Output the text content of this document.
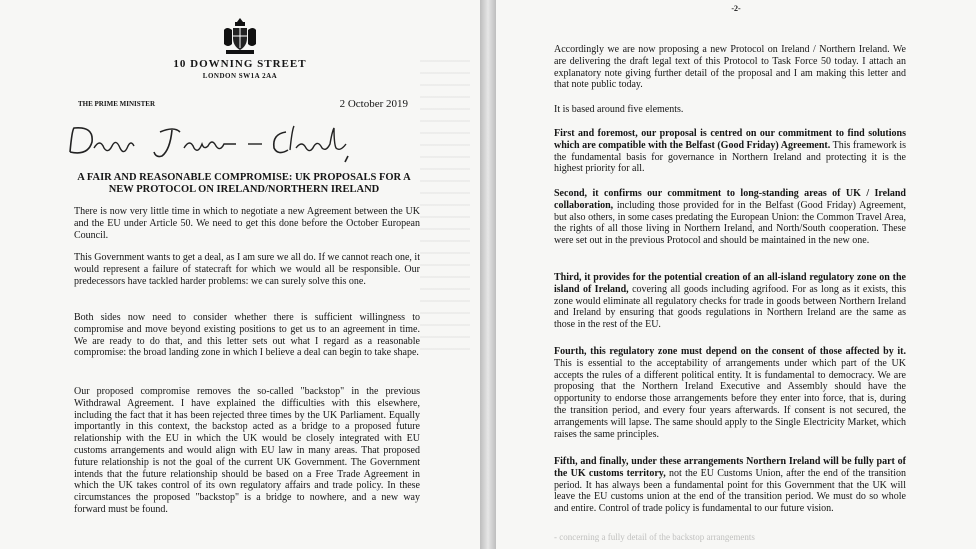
10 DOWNING STREET
LONDON SW1A 2AA
THE PRIME MINISTER	2 October 2019
A FAIR AND REASONABLE COMPROMISE: UK PROPOSALS FOR A NEW PROTOCOL ON IRELAND/NORTHERN IRELAND

There is now very little time in which to negotiate a new Agreement between the UK and the EU under Article 50. We need to get this done before the October European Council.

This Government wants to get a deal, as I am sure we all do. If we cannot reach one, it would represent a failure of statecraft for which we would all be responsible. Our predecessors have tackled harder problems: we can surely solve this one.

Both sides now need to consider whether there is sufficient willingness to compromise and move beyond existing positions to get us to an agreement in time. We are ready to do that, and this letter sets out what I regard as a reasonable compromise: the broad landing zone in which I believe a deal can begin to take shape.

Our proposed compromise removes the so-called "backstop" in the previous Withdrawal Agreement. I have explained the difficulties with this elsewhere, including the fact that it has been rejected three times by the UK Parliament. Equally importantly in this context, the backstop acted as a bridge to a proposed future relationship with the EU in which the UK would be closely integrated with EU customs arrangements and would align with EU law in many areas. That proposed future relationship is not the goal of the current UK Government. The Government intends that the future relationship should be based on a Free Trade Agreement in which the UK takes control of its own regulatory affairs and trade policy. In these circumstances the proposed "backstop" is a bridge to nowhere, and a new way forward must be found.

-2-

Accordingly we are now proposing a new Protocol on Ireland / Northern Ireland. We are delivering the draft legal text of this Protocol to Task Force 50 today. I attach an explanatory note giving further detail of the proposal and I am making this letter and that note public today.

It is based around five elements.

First and foremost, our proposal is centred on our commitment to find solutions which are compatible with the Belfast (Good Friday) Agreement. This framework is the fundamental basis for governance in Northern Ireland and protecting it is the highest priority for all.

Second, it confirms our commitment to long-standing areas of UK / Ireland collaboration, including those provided for in the Belfast (Good Friday) Agreement, but also others, in some cases predating the European Union: the Common Travel Area, the rights of all those living in Northern Ireland, and North/South cooperation. These were set out in the previous Protocol and should be maintained in the new one.

Third, it provides for the potential creation of an all-island regulatory zone on the island of Ireland, covering all goods including agrifood. For as long as it exists, this zone would eliminate all regulatory checks for trade in goods between Northern Ireland and Ireland by ensuring that goods regulations in Northern Ireland are the same as those in the rest of the EU.

Fourth, this regulatory zone must depend on the consent of those affected by it. This is essential to the acceptability of arrangements under which part of the UK accepts the rules of a different political entity. It is fundamental to democracy. We are proposing that the Northern Ireland Executive and Assembly should have the opportunity to endorse those arrangements before they enter into force, that is, during the transition period, and every four years afterwards. If consent is not secured, the arrangements will lapse. The same should apply to the Single Electricity Market, which raises the same principles.

Fifth, and finally, under these arrangements Northern Ireland will be fully part of the UK customs territory, not the EU Customs Union, after the end of the transition period. It has always been a fundamental point for this Government that the UK will leave the EU customs union at the end of the transition period. We must do so whole and entire. Control of trade policy is fundamental to our future vision.

- concerning a fully detail of the backstop arrangements
